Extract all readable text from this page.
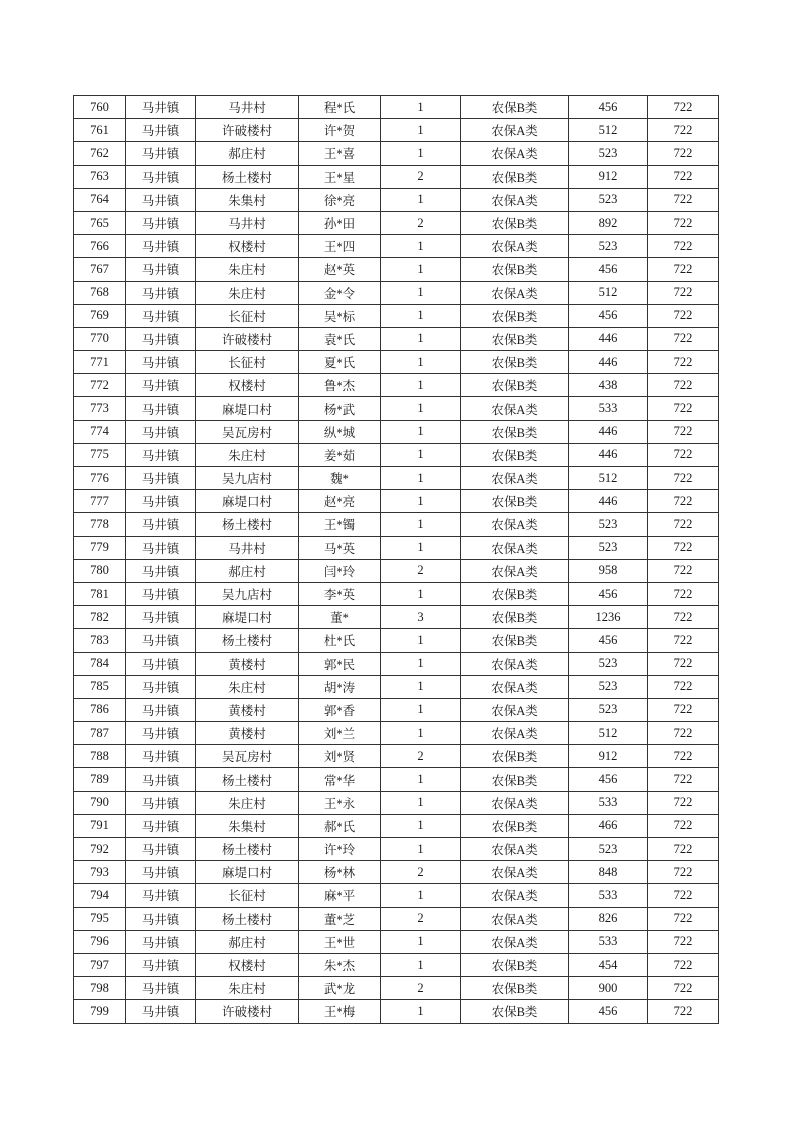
760	马井镇	马井村	程*氏	1	农保B类	456	722
761	马井镇	许破楼村	许*贺	1	农保A类	512	722
762	马井镇	郝庄村	王*喜	1	农保A类	523	722
763	马井镇	杨土楼村	王*星	2	农保B类	912	722
764	马井镇	朱集村	徐*亮	1	农保A类	523	722
765	马井镇	马井村	孙*田	2	农保B类	892	722
766	马井镇	权楼村	王*四	1	农保A类	523	722
767	马井镇	朱庄村	赵*英	1	农保B类	456	722
768	马井镇	朱庄村	金*令	1	农保A类	512	722
769	马井镇	长征村	吴*标	1	农保B类	456	722
770	马井镇	许破楼村	袁*氏	1	农保B类	446	722
771	马井镇	长征村	夏*氏	1	农保B类	446	722
772	马井镇	权楼村	鲁*杰	1	农保B类	438	722
773	马井镇	麻堤口村	杨*武	1	农保A类	533	722
774	马井镇	吴瓦房村	纵*城	1	农保B类	446	722
775	马井镇	朱庄村	姜*茹	1	农保B类	446	722
776	马井镇	吴九店村	魏*	1	农保A类	512	722
777	马井镇	麻堤口村	赵*亮	1	农保B类	446	722
778	马井镇	杨土楼村	王*镯	1	农保A类	523	722
779	马井镇	马井村	马*英	1	农保A类	523	722
780	马井镇	郝庄村	闫*玲	2	农保A类	958	722
781	马井镇	吴九店村	李*英	1	农保B类	456	722
782	马井镇	麻堤口村	董*	3	农保B类	1236	722
783	马井镇	杨土楼村	杜*氏	1	农保B类	456	722
784	马井镇	黄楼村	郭*民	1	农保A类	523	722
785	马井镇	朱庄村	胡*涛	1	农保A类	523	722
786	马井镇	黄楼村	郭*香	1	农保A类	523	722
787	马井镇	黄楼村	刘*兰	1	农保A类	512	722
788	马井镇	吴瓦房村	刘*贤	2	农保B类	912	722
789	马井镇	杨土楼村	常*华	1	农保B类	456	722
790	马井镇	朱庄村	王*永	1	农保A类	533	722
791	马井镇	朱集村	郝*氏	1	农保B类	466	722
792	马井镇	杨土楼村	许*玲	1	农保A类	523	722
793	马井镇	麻堤口村	杨*林	2	农保A类	848	722
794	马井镇	长征村	麻*平	1	农保A类	533	722
795	马井镇	杨土楼村	董*芝	2	农保A类	826	722
796	马井镇	郝庄村	王*世	1	农保A类	533	722
797	马井镇	权楼村	朱*杰	1	农保B类	454	722
798	马井镇	朱庄村	武*龙	2	农保B类	900	722
799	马井镇	许破楼村	王*梅	1	农保B类	456	722
